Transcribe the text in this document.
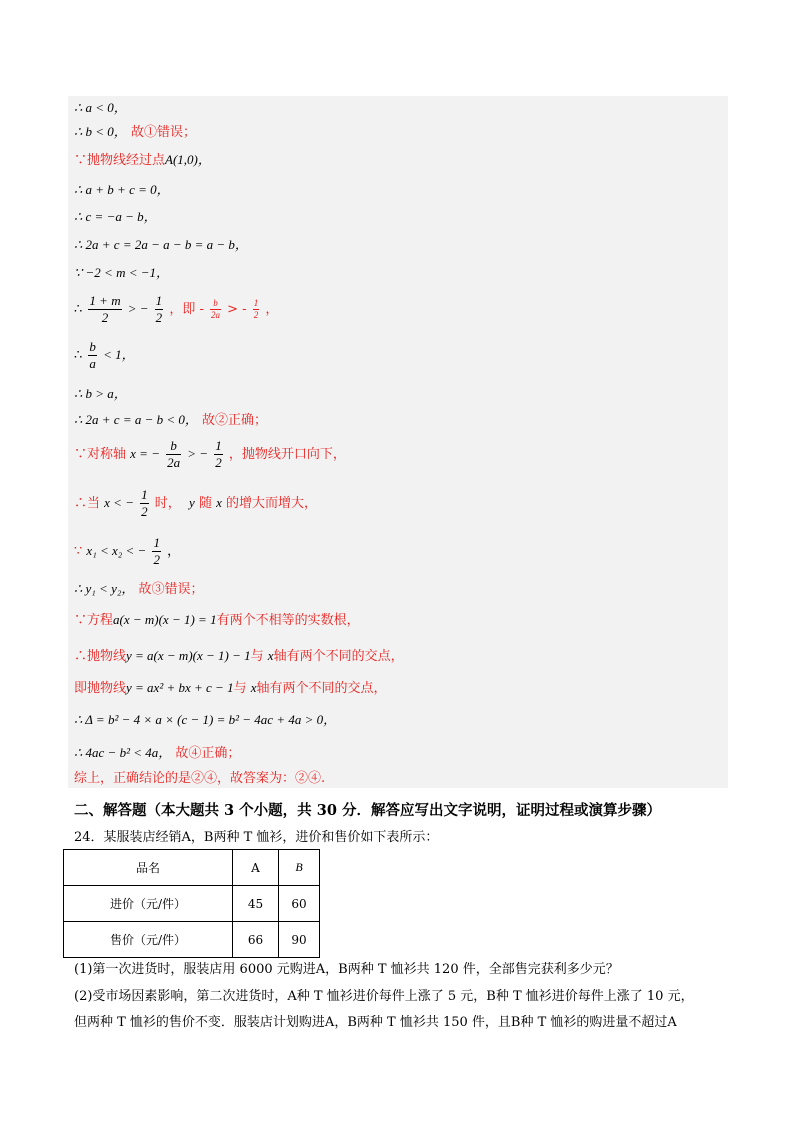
∴ a < 0，
∴ b < 0， 故①错误；
∵抛物线经过点A(1,0)，
∴ a + b + c = 0，
∴ c = −a − b，
∴ 2a + c = 2a − a − b = a − b，
∵ −2 < m < −1，
∴ $\frac{1 + m}{2}$ > − $\frac{1}{2}$ ，即 - $\frac{b}{2a}$ > - $\frac{1}{2}$ ，
∴ $\frac{b}{a} < 1$，
∴ b > a，
∴ 2a + c = a − b < 0， 故②正确；
∵对称轴 x = − $\frac{b}{2a}$ > − $\frac{1}{2}$ ，抛物线开口向下，
∴当 x < − $\frac{1}{2}$ 时， y 随 x 的增大而增大，
∵ x₁ < x₂ < − $\frac{1}{2}$ ，
∴ y₁ < y₂， 故③错误；
∵方程a(x − m)(x − 1) = 1有两个不相等的实数根，
∴抛物线y = a(x − m)(x − 1) − 1与 x轴有两个不同的交点，
即抛物线y = ax² + bx + c − 1与 x轴有两个不同的交点，
∴ Δ = b² − 4 × a × (c − 1) = b² − 4ac + 4a > 0，
∴ 4ac − b² < 4a， 故④正确；
综上，正确结论的是②④，故答案为：②④.
二、解答题（本大题共 3 个小题，共 30 分．解答应写出文字说明，证明过程或演算步骤）
24．某服装店经销A，B两种 T 恤衫，进价和售价如下表所示：
品名	A	B
进价（元/件）	45	60
售价（元/件）	66	90
(1)第一次进货时，服装店用 6000 元购进A，B两种 T 恤衫共 120 件，全部售完获利多少元？
(2)受市场因素影响，第二次进货时，A种 T 恤衫进价每件上涨了 5 元，B种 T 恤衫进价每件上涨了 10 元，
但两种 T 恤衫的售价不变．服装店计划购进A，B两种 T 恤衫共 150 件，且B种 T 恤衫的购进量不超过A
